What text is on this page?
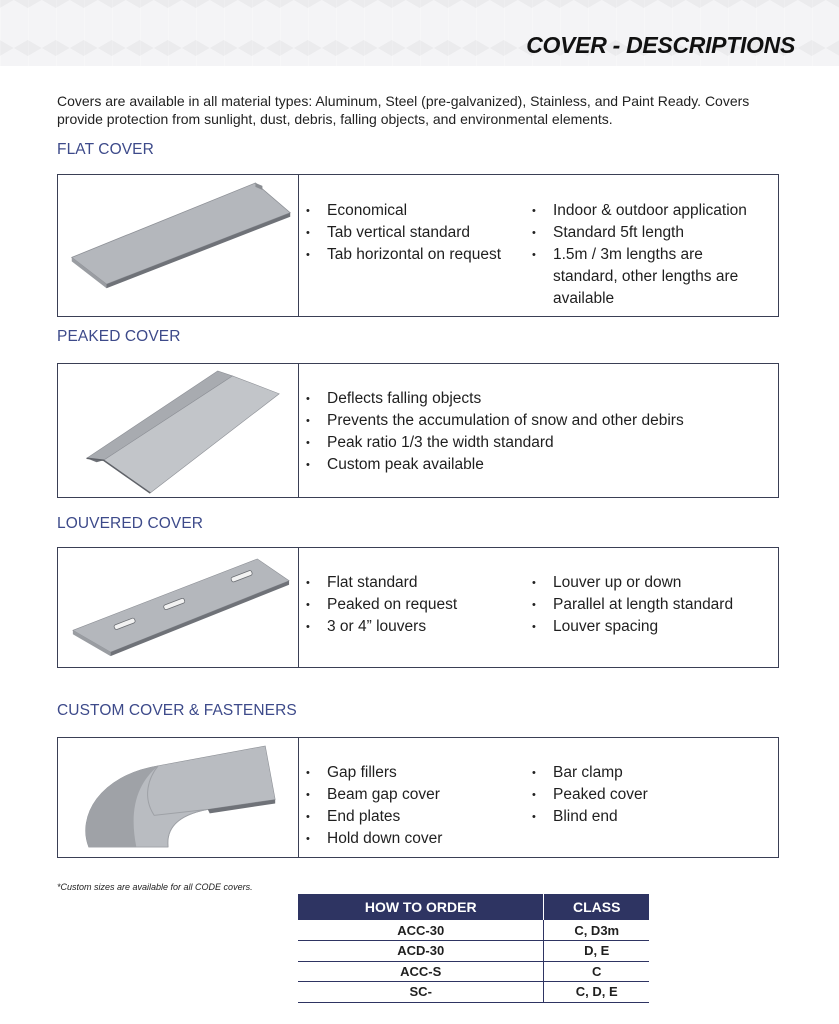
COVER - DESCRIPTIONS

Covers are available in all material types: Aluminum, Steel (pre-galvanized), Stainless, and Paint Ready. Covers provide protection from sunlight, dust, debris, falling objects, and environmental elements.

FLAT COVER
• Economical
• Tab vertical standard
• Tab horizontal on request
• Indoor & outdoor application
• Standard 5ft length
• 1.5m / 3m lengths are standard, other lengths are available
PEAKED COVER
• Deflects falling objects
• Prevents the accumulation of snow and other debirs
• Peak ratio 1/3 the width standard
• Custom peak available
LOUVERED COVER
• Flat standard
• Peaked on request
• 3 or 4” louvers
• Louver up or down
• Parallel at length standard
• Louver spacing
CUSTOM COVER & FASTENERS
• Gap fillers
• Beam gap cover
• End plates
• Hold down cover
• Bar clamp
• Peaked cover
• Blind end
*Custom sizes are available for all CODE covers.
HOW TO ORDER	CLASS
ACC-30	C, D3m
ACD-30	D, E
ACC-S	C
SC-	C, D, E
